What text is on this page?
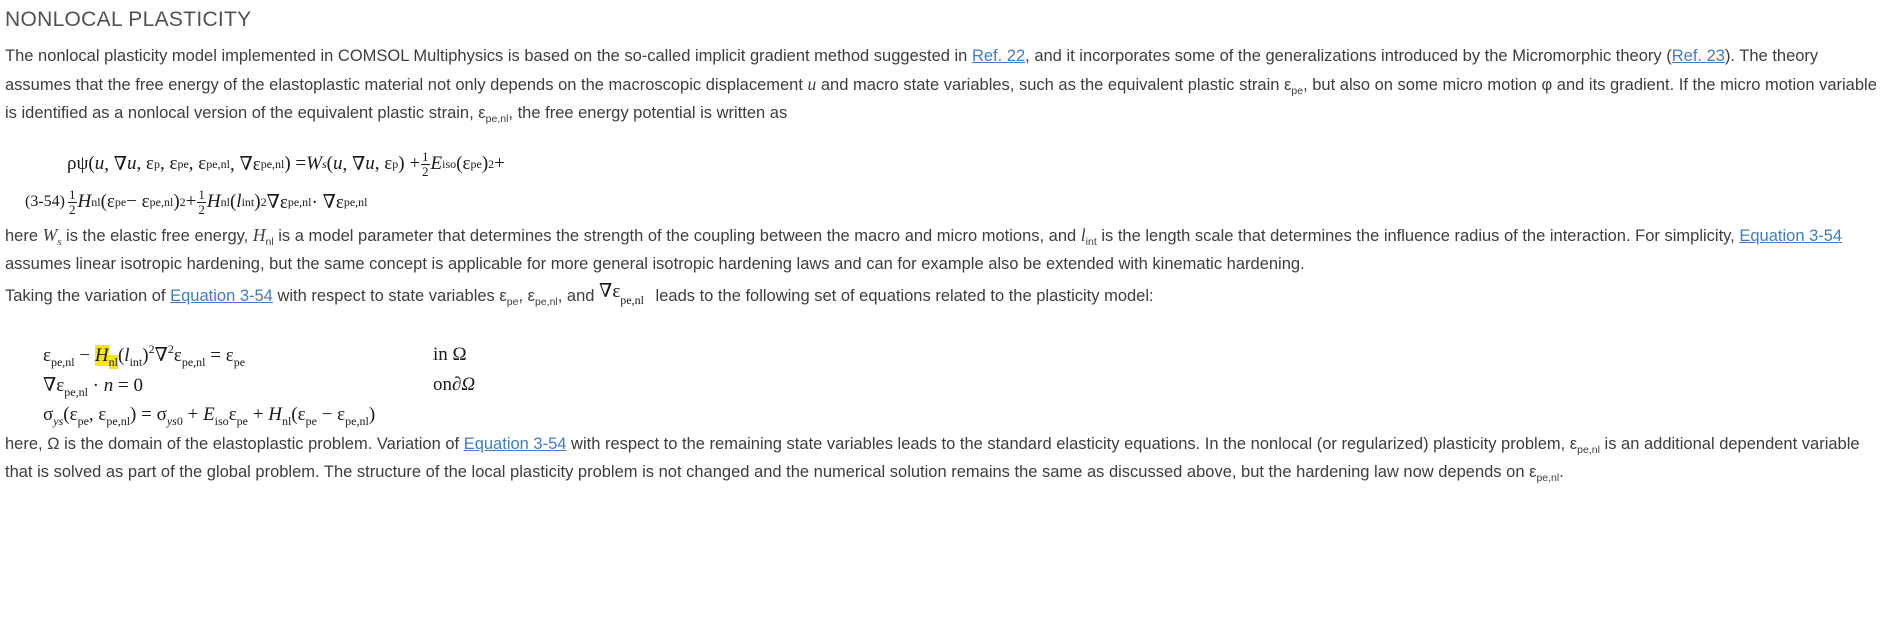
NONLOCAL PLASTICITY

The nonlocal plasticity model implemented in COMSOL Multiphysics is based on the so-called implicit gradient method suggested in Ref. 22, and it incorporates some of the generalizations introduced by the Micromorphic theory (Ref. 23). The theory assumes that the free energy of the elastoplastic material not only depends on the macroscopic displacement u and macro state variables, such as the equivalent plastic strain $\varepsilon_{pe}$, but also on some micro motion φ and its gradient. If the micro motion variable is identified as a nonlocal version of the equivalent plastic strain, $\varepsilon_{pe,nl}$, the free energy potential is written as

(3-54)
ρψ( u , ∇ u , ε p , ε pe , ε pe,nl , ∇ε pe,nl ) = W s ( u , ∇ u , ε p ) + $\frac{1}{2}$ E iso (ε pe ) 2 +
$\frac{1}{2}$ H nl (ε pe − ε pe,nl ) $2 + \frac{1}{2}$ H nl ( l int ) 2 ∇ε pe,nl · ∇ε pe,nl

here $W_s$ is the elastic free energy, $H_{nl}$ is a model parameter that determines the strength of the coupling between the macro and micro motions, and $l_{int}$ is the length scale that determines the influence radius of the interaction. For simplicity, Equation 3-54 assumes linear isotropic hardening, but the same concept is applicable for more general isotropic hardening laws and can for example also be extended with kinematic hardening.

Taking the variation of Equation 3-54 with respect to state variables $\varepsilon_{pe}$, $\varepsilon_{pe,nl}$, and $\nabla\varepsilon_{pe,nl}$ leads to the following set of equations related to the plasticity model:

$\varepsilon_{pe,nl} - H_{nl}(l_{int})^2\nabla^2\varepsilon_{pe,nl} = \varepsilon_{pe}$	in Ω
$\nabla\varepsilon_{pe,nl} \cdot n = 0$	on ∂Ω
$\sigma_{ys}(\varepsilon_{pe}$, $\varepsilon_{pe,nl}) = \sigma_{ys0} + E_{iso}\varepsilon_{pe} + H_{nl}(\varepsilon_{pe} - \varepsilon_{pe,nl})$

here, Ω is the domain of the elastoplastic problem. Variation of Equation 3-54 with respect to the remaining state variables leads to the standard elasticity equations. In the nonlocal (or regularized) plasticity problem, $\varepsilon_{pe,nl}$ is an additional dependent variable that is solved as part of the global problem. The structure of the local plasticity problem is not changed and the numerical solution remains the same as discussed above, but the hardening law now depends on $\varepsilon_{pe,nl}$.
